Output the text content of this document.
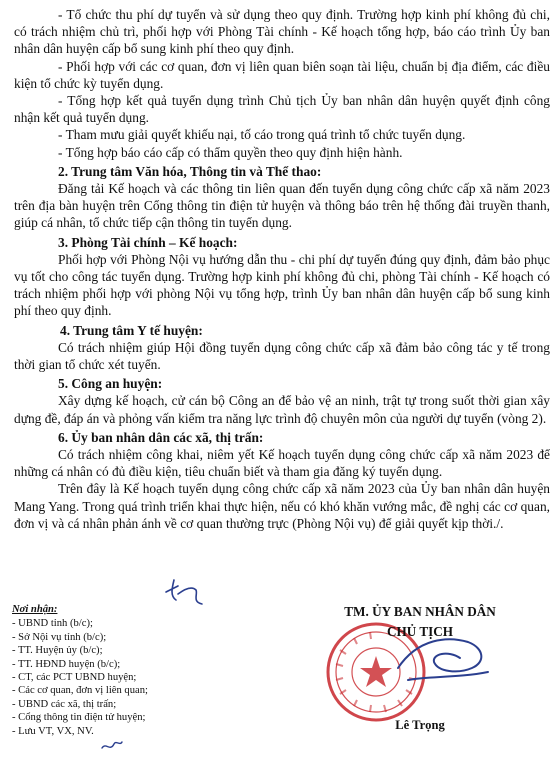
- Tổ chức thu phí dự tuyển và sử dụng theo quy định. Trường hợp kinh phí không đủ chi, có trách nhiệm chủ trì, phối hợp với Phòng Tài chính - Kế hoạch tổng hợp, báo cáo trình Ủy ban nhân dân huyện cấp bổ sung kinh phí theo quy định.

- Phối hợp với các cơ quan, đơn vị liên quan biên soạn tài liệu, chuẩn bị địa điểm, các điều kiện tổ chức kỳ tuyển dụng.

- Tổng hợp kết quả tuyển dụng trình Chủ tịch Ủy ban nhân dân huyện quyết định công nhận kết quả tuyển dụng.

- Tham mưu giải quyết khiếu nại, tố cáo trong quá trình tổ chức tuyển dụng.

- Tổng hợp báo cáo cấp có thẩm quyền theo quy định hiện hành.

2. Trung tâm Văn hóa, Thông tin và Thể thao:

Đăng tải Kế hoạch và các thông tin liên quan đến tuyển dụng công chức cấp xã năm 2023 trên địa bàn huyện trên Cổng thông tin điện tử huyện và thông báo trên hệ thống đài truyền thanh, giúp cá nhân, tổ chức tiếp cận thông tin tuyển dụng.

3. Phòng Tài chính – Kế hoạch:

Phối hợp với Phòng Nội vụ hướng dẫn thu - chi phí dự tuyển đúng quy định, đảm bảo phục vụ tốt cho công tác tuyển dụng. Trường hợp kinh phí không đủ chi, phòng Tài chính - Kế hoạch có trách nhiệm phối hợp với phòng Nội vụ tổng hợp, trình Ủy ban nhân dân huyện cấp bổ sung kinh phí theo quy định.

4. Trung tâm Y tế huyện:

Có trách nhiệm giúp Hội đồng tuyển dụng công chức cấp xã đảm bảo công tác y tế trong thời gian tổ chức xét tuyển.

5. Công an huyện:

Xây dựng kế hoạch, cử cán bộ Công an để bảo vệ an ninh, trật tự trong suốt thời gian xây dựng đề, đáp án và phỏng vấn kiểm tra năng lực trình độ chuyên môn của người dự tuyển (vòng 2).

6. Ủy ban nhân dân các xã, thị trấn:

Có trách nhiệm công khai, niêm yết Kế hoạch tuyển dụng công chức cấp xã năm 2023 để những cá nhân có đủ điều kiện, tiêu chuẩn biết và tham gia đăng ký tuyển dụng.

Trên đây là Kế hoạch tuyển dụng công chức cấp xã năm 2023 của Ủy ban nhân dân huyện Mang Yang. Trong quá trình triển khai thực hiện, nếu có khó khăn vướng mắc, đề nghị các cơ quan, đơn vị và cá nhân phản ánh về cơ quan thường trực (Phòng Nội vụ) để giải quyết kịp thời./.

Nơi nhận:
- UBND tỉnh (b/c);
- Sở Nội vụ tỉnh (b/c);
- TT. Huyện ủy (b/c);
- TT. HĐND huyện (b/c);
- CT, các PCT UBND huyện;
- Các cơ quan, đơn vị liên quan;
- UBND các xã, thị trấn;
- Cổng thông tin điện tử huyện;
- Lưu VT, VX, NV.
TM. ỦY BAN NHÂN DÂN
CHỦ TỊCH
Lê Trọng
